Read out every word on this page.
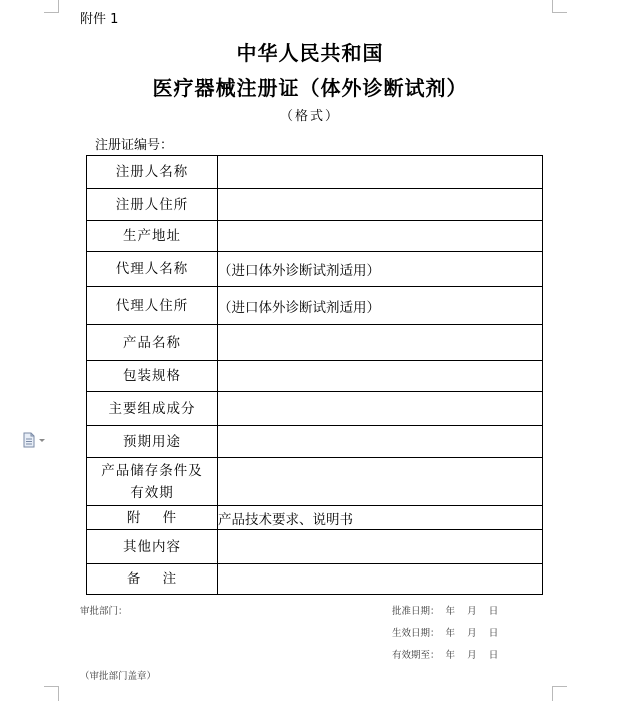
附件 1
中华人民共和国
医疗器械注册证（体外诊断试剂）
（格式）
注册证编号：
注册人名称	
注册人住所	
生产地址	
代理人名称	（进口体外诊断试剂适用）
代理人住所	（进口体外诊断试剂适用）
产品名称	
包装规格	
主要组成成分	
预期用途	

产品储存条件及
有效期	

附    件	产品技术要求、说明书
其他内容	
备    注	
审批部门：	批准日期：  年    月    日
生效日期：  年    月    日
有效期至：  年    月    日
（审批部门盖章）
